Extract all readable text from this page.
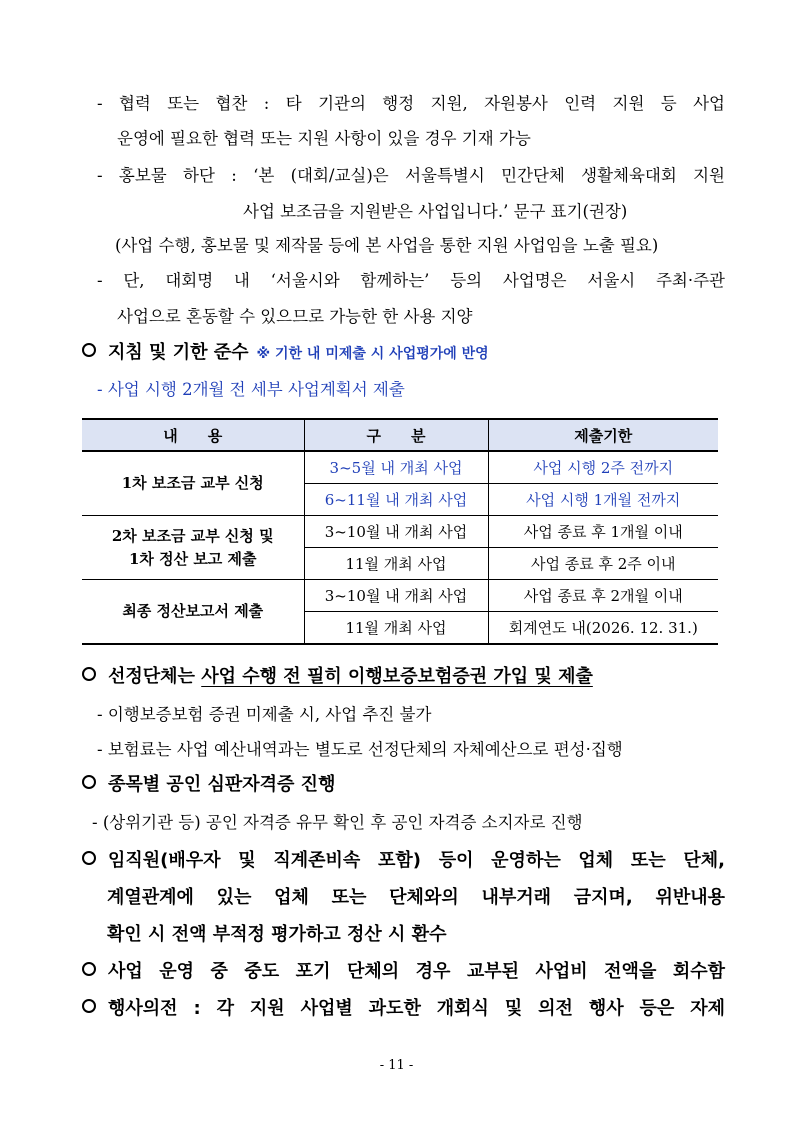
- 협력 또는 협찬 : 타 기관의 행정 지원, 자원봉사 인력 지원 등 사업
운영에 필요한 협력 또는 지원 사항이 있을 경우 기재 가능
- 홍보물 하단 : ‘본 (대회/교실)은 서울특별시 민간단체 생활체육대회 지원
사업 보조금을 지원받은 사업입니다.’ 문구 표기(권장)
(사업 수행, 홍보물 및 제작물 등에 본 사업을 통한 지원 사업임을 노출 필요)
- 단, 대회명 내 ‘서울시와 함께하는’ 등의 사업명은 서울시 주최·주관
사업으로 혼동할 수 있으므로 가능한 한 사용 지양
지침 및 기한 준수 ※ 기한 내 미제출 시 사업평가에 반영
- 사업 시행 2개월 전 세부 사업계획서 제출
내　　용	구　　분	제출기한
1차 보조금 교부 신청	3~5월 내 개최 사업	사업 시행 2주 전까지
	6~11월 내 개최 사업	사업 시행 1개월 전까지
2차 보조금 교부 신청 및
1차 정산 보고 제출	3~10월 내 개최 사업	사업 종료 후 1개월 이내
	11월 개최 사업	사업 종료 후 2주 이내
최종 정산보고서 제출	3~10월 내 개최 사업	사업 종료 후 2개월 이내
	11월 개최 사업	회계연도 내(2026. 12. 31.)
선정단체는 사업 수행 전 필히 이행보증보험증권 가입 및 제출
- 이행보증보험 증권 미제출 시, 사업 추진 불가
- 보험료는 사업 예산내역과는 별도로 선정단체의 자체예산으로 편성·집행
종목별 공인 심판자격증 진행
- (상위기관 등) 공인 자격증 유무 확인 후 공인 자격증 소지자로 진행
임직원(배우자 및 직계존비속 포함) 등이 운영하는 업체 또는 단체,
계열관계에 있는 업체 또는 단체와의 내부거래 금지며, 위반내용
확인 시 전액 부적정 평가하고 정산 시 환수
사업 운영 중 중도 포기 단체의 경우 교부된 사업비 전액을 회수함
행사의전 : 각 지원 사업별 과도한 개회식 및 의전 행사 등은 자제
- 11 -
